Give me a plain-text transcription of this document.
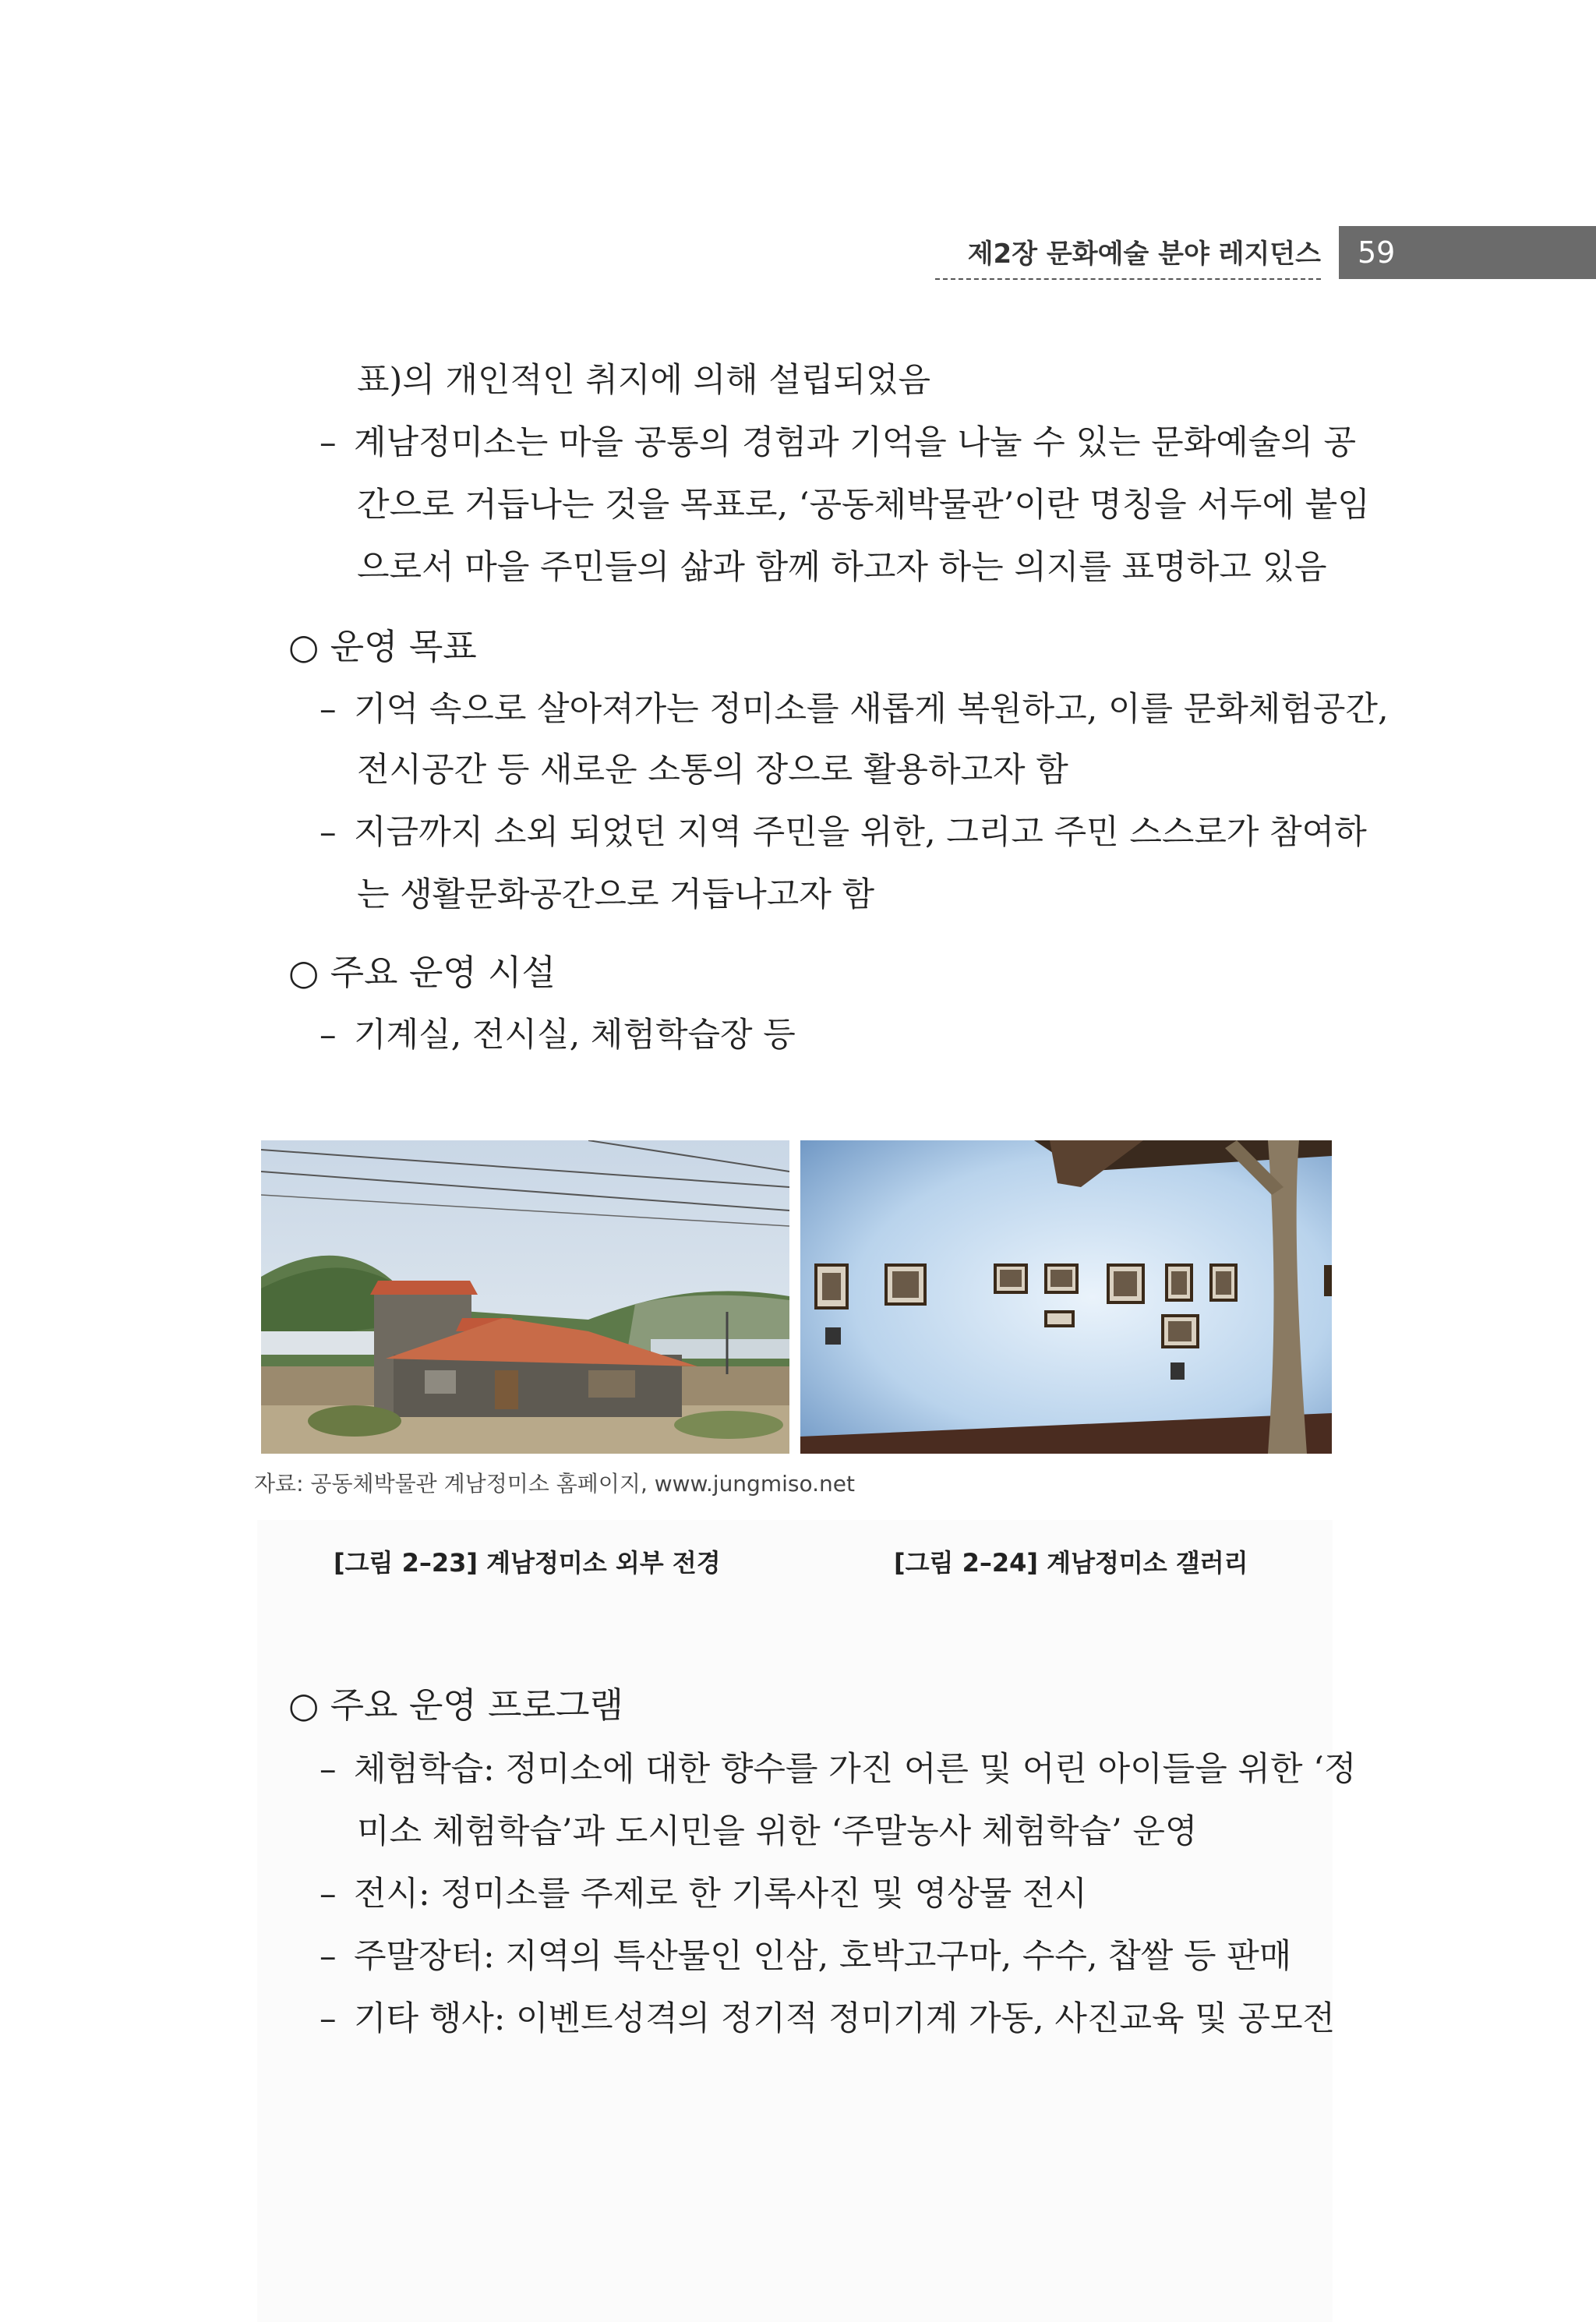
제2장 문화예술 분야 레지던스	59
표)의 개인적인 취지에 의해 설립되었음
– 계남정미소는 마을 공통의 경험과 기억을 나눌 수 있는 문화예술의 공
간으로 거듭나는 것을 목표로, ‘공동체박물관’이란 명칭을 서두에 붙임
으로서 마을 주민들의 삶과 함께 하고자 하는 의지를 표명하고 있음
○ 운영 목표
– 기억 속으로 살아져가는 정미소를 새롭게 복원하고, 이를 문화체험공간,
전시공간 등 새로운 소통의 장으로 활용하고자 함
– 지금까지 소외 되었던 지역 주민을 위한, 그리고 주민 스스로가 참여하
는 생활문화공간으로 거듭나고자 함
○ 주요 운영 시설
– 기계실, 전시실, 체험학습장 등
○ 주요 운영 프로그램
– 체험학습: 정미소에 대한 향수를 가진 어른 및 어린 아이들을 위한 ‘정
미소 체험학습’과 도시민을 위한 ‘주말농사 체험학습’ 운영
– 전시: 정미소를 주제로 한 기록사진 및 영상물 전시
– 주말장터: 지역의 특산물인 인삼, 호박고구마, 수수, 찹쌀 등 판매
– 기타 행사: 이벤트성격의 정기적 정미기계 가동, 사진교육 및 공모전
자료: 공동체박물관 계남정미소 홈페이지, www.jungmiso.net
[그림 2–23] 계남정미소 외부 전경	[그림 2–24] 계남정미소 갤러리
